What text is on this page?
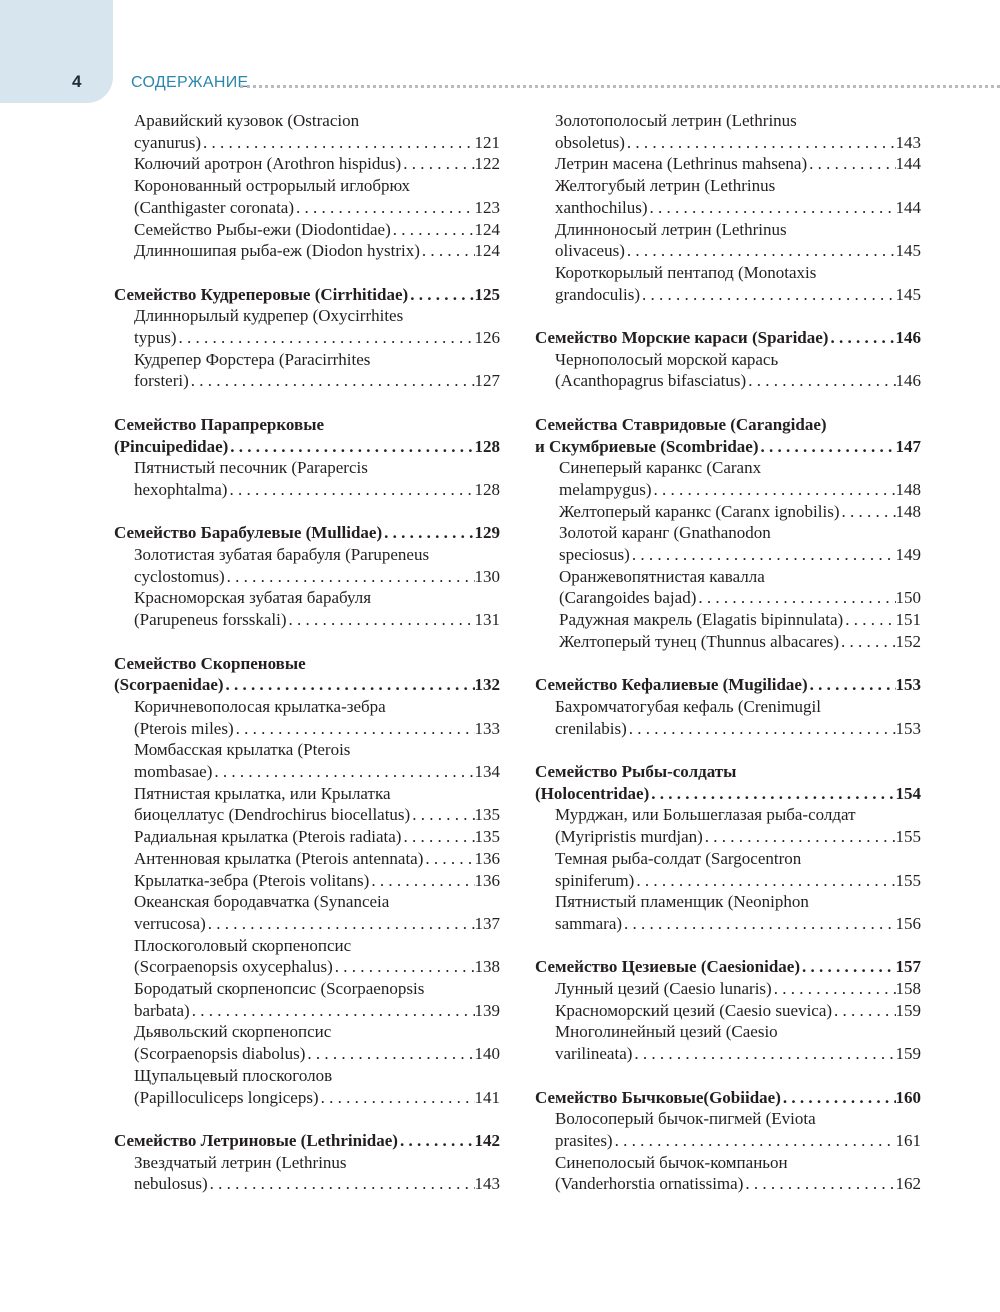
4	СОДЕРЖАНИЕ
Аравийский кузовок (Ostracion
cyanurus) . . .	121
Колючий аротрон (Arothron hispidus) . . .	122
Коронованный острорылый иглобрюх
(Canthigaster coronata) . . .	123
Семейство Рыбы-ежи (Diodontidae) . . .	124
Длинношипая рыба-еж (Diodon hystrix) . . .	124
Семейство Кудреперовые (Cirrhitidae) . . .	125
Длиннорылый кудрепер (Oxycirrhites
typus) . . .	126
Кудрепер Форстера (Paracirrhites
forsteri) . . .	127
Семейство Парапрерковые
(Pinсuipedidae) . . .	128
Пятнистый песочник (Parapercis
hexophtalma) . . .	128
Семейство Барабулевые (Mullidae) . . .	129
Золотистая зубатая барабуля (Parupeneus
cyclostomus) . . .	130
Красноморская зубатая барабуля
(Parupeneus forsskali) . . .	131
Семейство Скорпеновые
(Scorpaenidae) . . .	132
Коричневополосая крылатка-зебра
(Pterois miles) . . .	133
Момбасская крылатка (Pterois
mombasae) . . .	134
Пятнистая крылатка, или Крылатка
биоцеллатус (Dendrochirus biocellatus) . . .	135
Радиальная крылатка (Pterois radiata) . . .	135
Антенновая крылатка (Pterois antennata) . . .	136
Крылатка-зебра (Pterois volitans) . . .	136
Океанская бородавчатка (Synanceia
verrucosa) . . .	137
Плоскоголовый скорпенопсис
(Scorpaenopsis oxycephalus) . . .	138
Бородатый скорпенопсис (Scorpaenopsis
barbata) . . .	139
Дьявольский скорпенопсис
(Scorpaenopsis diabolus) . . .	140
Щупальцевый плоскоголов
(Papilloculiceps longiceps) . . .	141
Семейство Летриновые (Lethrinidae) . . .	142
Звездчатый летрин (Lethrinus
nebulosus) . . .	143
Золотополосый летрин (Lethrinus
obsoletus) . . .	143
Летрин масена (Lethrinus mahsena) . . .	144
Желтогубый летрин (Lethrinus
xanthochilus) . . .	144
Длинноносый летрин (Lethrinus
olivaceus) . . .	145
Короткорылый пентапод (Monotaxis
grandoculis) . . .	145
Семейство Морские караси (Sparidae) . . .	146
Чернополосый морской карась
(Acanthopagrus bifasciatus) . . .	146
Семейства Ставридовые (Carangidae)
и Скумбриевые (Scombridae) . . .	147
Синеперый каранкс (Caranx
melampygus) . . .	148
Желтоперый каранкс (Caranx ignobilis) . . .	148
Золотой каранг (Gnathanodon
speciosus) . . .	149
Оранжевопятнистая каваллa
(Carangoides bajad) . . .	150
Радужная макрель (Elagatis bipinnulata) . . .	151
Желтоперый тунец (Thunnus albacares) . . .	152
Семейство Кефалиевые (Mugilidae) . . .	153
Бахромчатогубая кефаль (Crenimugil
crenilabis) . . .	153
Семейство Рыбы-солдаты
(Holocentridae) . . .	154
Мурджан, или Большеглазая рыба-солдат
(Myripristis murdjan) . . .	155
Темная рыба-солдат (Sargocentron
spiniferum) . . .	155
Пятнистый пламенщик (Neoniphon
sammara) . . .	156
Семейство Цезиевые (Caesionidae) . . .	157
Лунный цезий (Caesio lunaris) . . .	158
Красноморский цезий (Caesio suevica) . . .	159
Многолинейный цезий (Caesio
varilineata) . . .	159
Семейство Бычковые(Gobiidae) . . .	160
Волосоперый бычок-пигмей (Eviota
prasites) . . .	161
Синеполосый бычок-компаньон
(Vanderhorstia ornatissima) . . .	162
